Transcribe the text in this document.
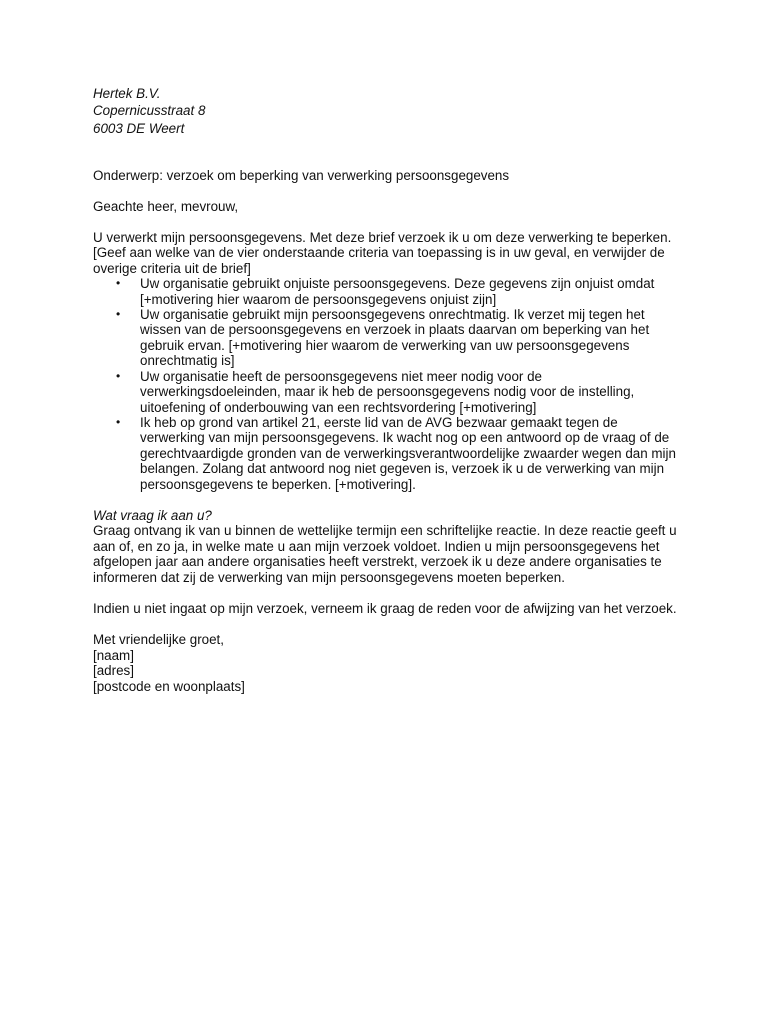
Hertek B.V.
Copernicusstraat 8
6003 DE Weert

Onderwerp: verzoek om beperking van verwerking persoonsgegevens

Geachte heer, mevrouw,

U verwerkt mijn persoonsgegevens. Met deze brief verzoek ik u om deze verwerking te beperken.

[Geef aan welke van de vier onderstaande criteria van toepassing is in uw geval, en verwijder de overige criteria uit de brief]

• Uw organisatie gebruikt onjuiste persoonsgegevens. Deze gegevens zijn onjuist omdat [+motivering hier waarom de persoonsgegevens onjuist zijn]
• Uw organisatie gebruikt mijn persoonsgegevens onrechtmatig. Ik verzet mij tegen het wissen van de persoonsgegevens en verzoek in plaats daarvan om beperking van het gebruik ervan. [+motivering hier waarom de verwerking van uw persoonsgegevens onrechtmatig is]
• Uw organisatie heeft de persoonsgegevens niet meer nodig voor de verwerkingsdoeleinden, maar ik heb de persoonsgegevens nodig voor de instelling, uitoefening of onderbouwing van een rechtsvordering [+motivering]
• Ik heb op grond van artikel 21, eerste lid van de AVG bezwaar gemaakt tegen de verwerking van mijn persoonsgegevens. Ik wacht nog op een antwoord op de vraag of de gerechtvaardigde gronden van de verwerkingsverantwoordelijke zwaarder wegen dan mijn belangen. Zolang dat antwoord nog niet gegeven is, verzoek ik u de verwerking van mijn persoonsgegevens te beperken. [+motivering].

Wat vraag ik aan u?

Graag ontvang ik van u binnen de wettelijke termijn een schriftelijke reactie. In deze reactie geeft u aan of, en zo ja, in welke mate u aan mijn verzoek voldoet. Indien u mijn persoonsgegevens het afgelopen jaar aan andere organisaties heeft verstrekt, verzoek ik u deze andere organisaties te informeren dat zij de verwerking van mijn persoonsgegevens moeten beperken.

Indien u niet ingaat op mijn verzoek, verneem ik graag de reden voor de afwijzing van het verzoek.

Met vriendelijke groet,

[naam]
[adres]
[postcode en woonplaats]
